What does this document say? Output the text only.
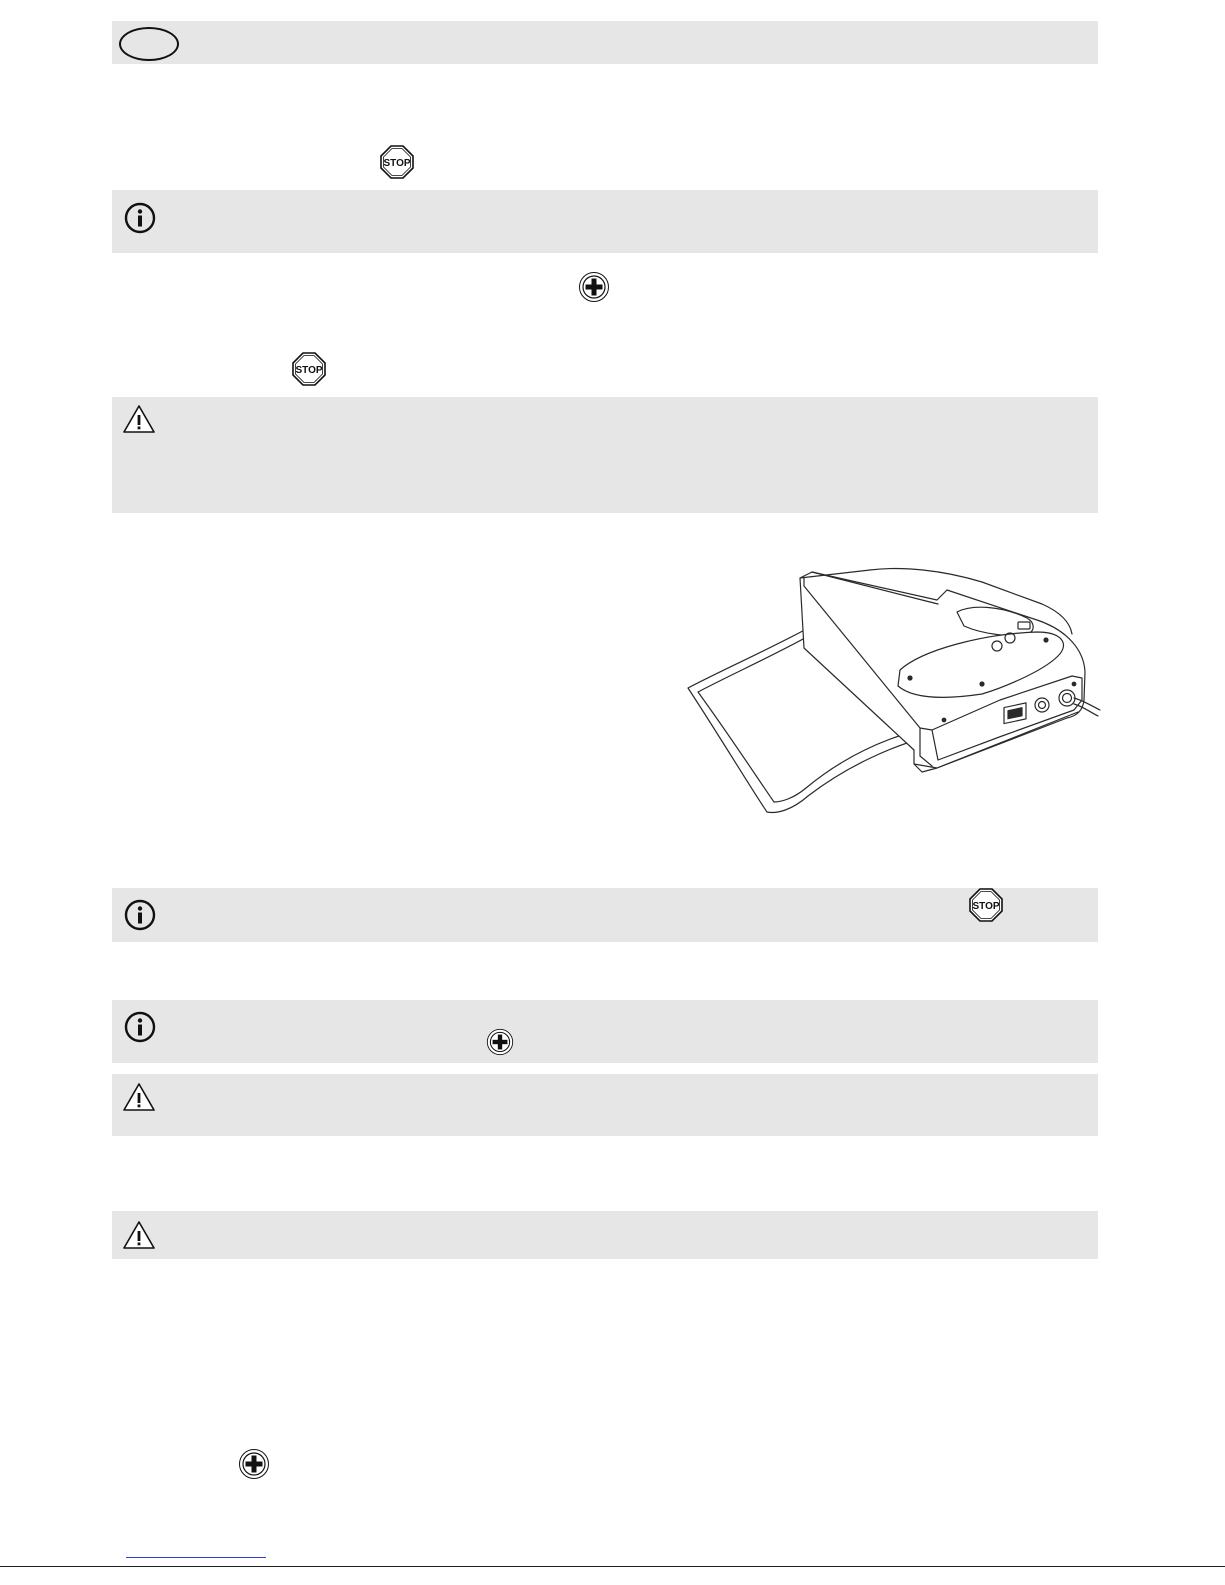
STOP
STOP
STOP
